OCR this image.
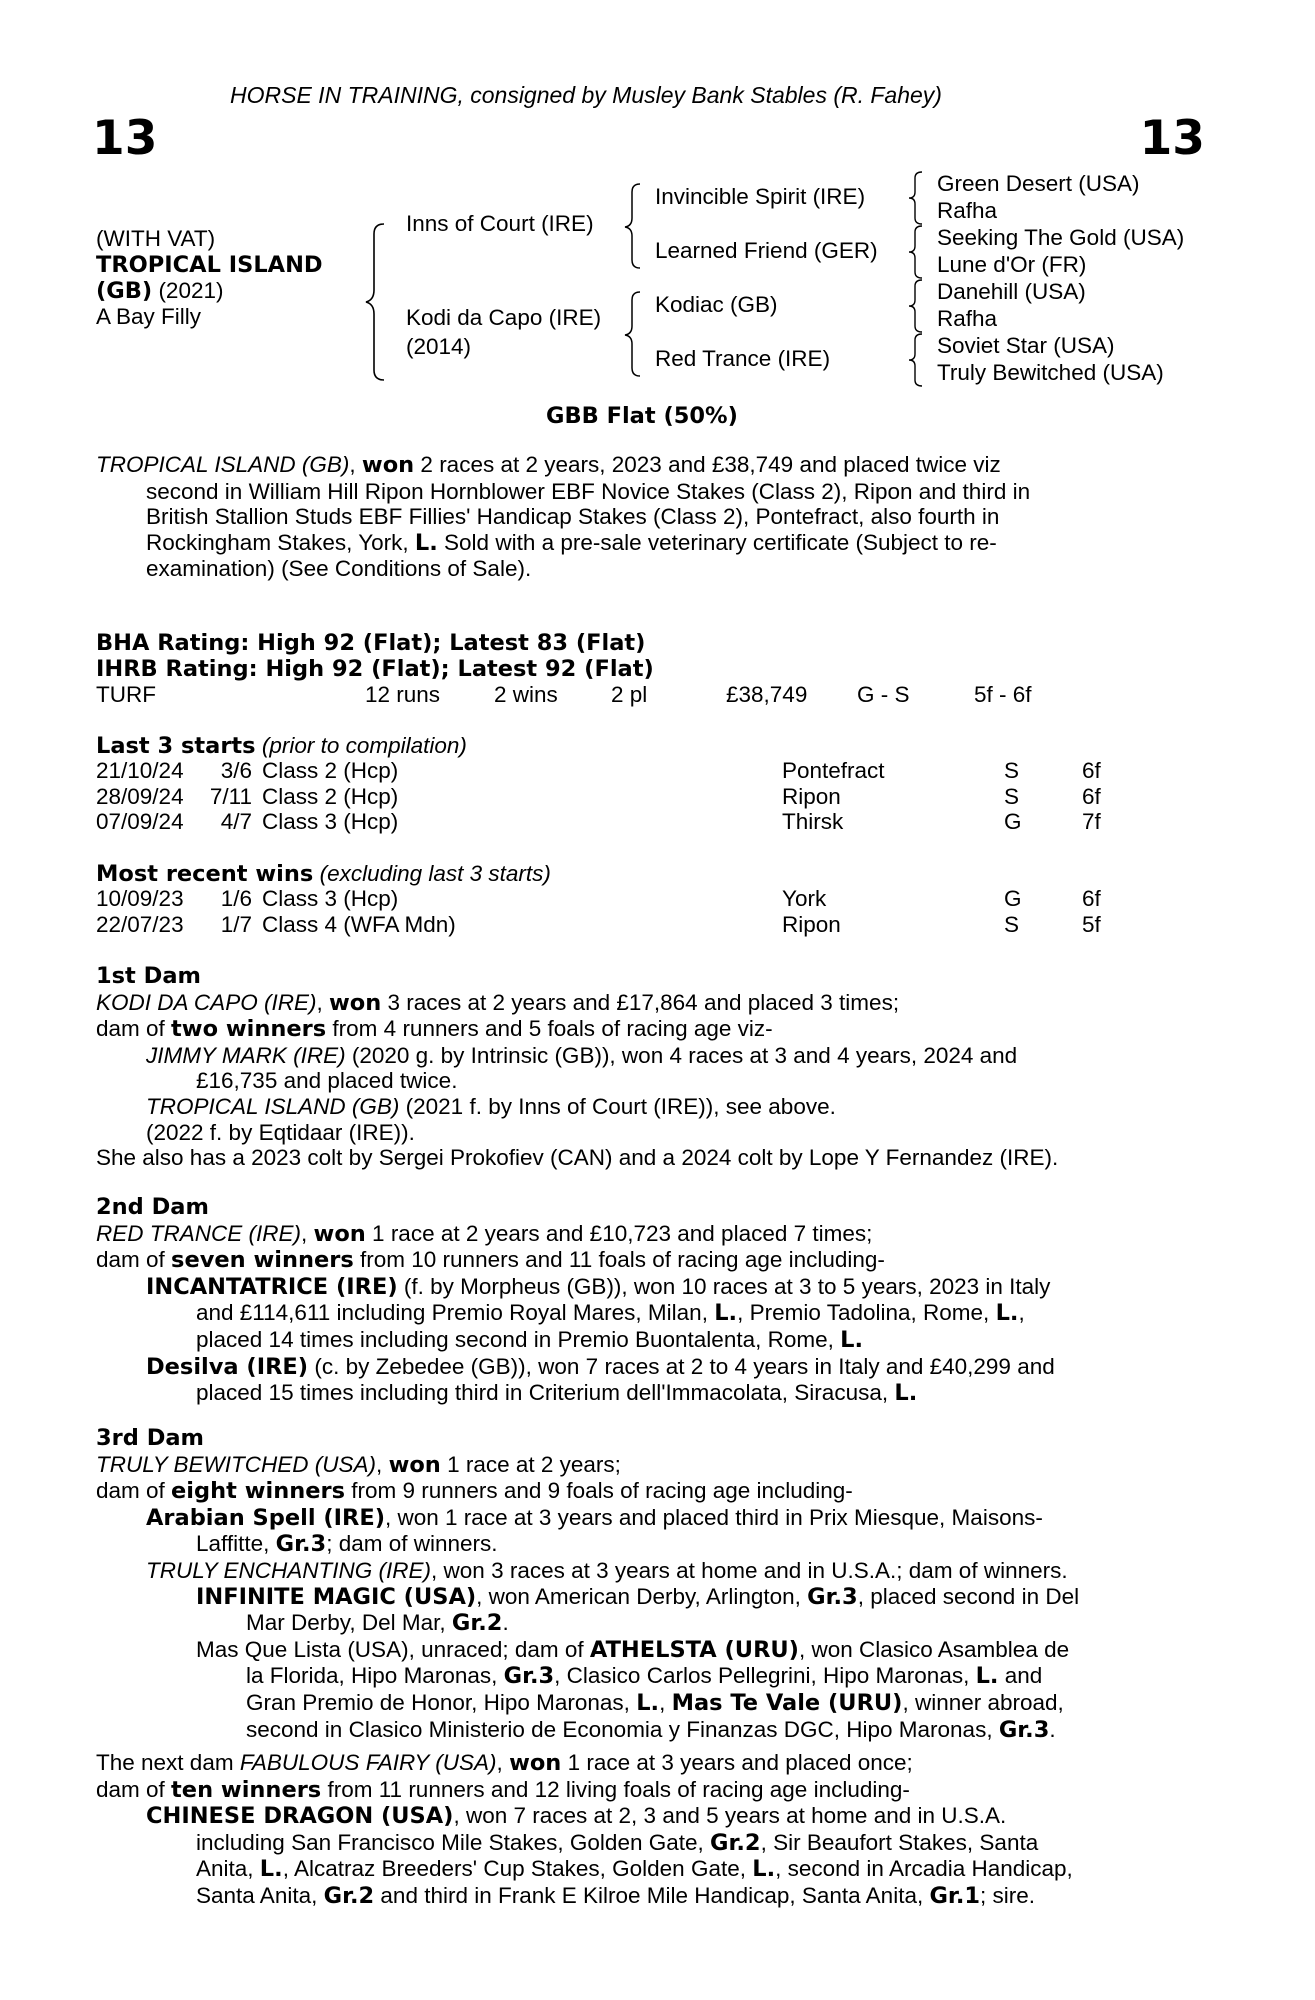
HORSE IN TRAINING, consigned by Musley Bank Stables (R. Fahey)
13	13
(WITH VAT)
TROPICAL ISLAND
(GB) (2021)
A Bay Filly
Inns of Court (IRE)
Kodi da Capo (IRE)
(2014)
Invincible Spirit (IRE)
Learned Friend (GER)
Kodiac (GB)
Red Trance (IRE)
Green Desert (USA)
Rafha
Seeking The Gold (USA)
Lune d'Or (FR)
Danehill (USA)
Rafha
Soviet Star (USA)
Truly Bewitched (USA)
GBB Flat (50%)
TROPICAL ISLAND (GB), won 2 races at 2 years, 2023 and £38,749 and placed twice viz
second in William Hill Ripon Hornblower EBF Novice Stakes (Class 2), Ripon and third in
British Stallion Studs EBF Fillies' Handicap Stakes (Class 2), Pontefract, also fourth in
Rockingham Stakes, York, L. Sold with a pre-sale veterinary certificate (Subject to re-
examination) (See Conditions of Sale).
BHA Rating: High 92 (Flat); Latest 83 (Flat)
IHRB Rating: High 92 (Flat); Latest 92 (Flat)
TURF	12 runs 2 wins 2 pl	£38,749 G - S	5f - 6f
Last 3 starts (prior to compilation)
21/10/24	3/6	Class 2 (Hcp)	Pontefract	S	6f
28/09/24	7/11	Class 2 (Hcp)	Ripon	S	6f
07/09/24	4/7	Class 3 (Hcp)	Thirsk	G	7f
Most recent wins (excluding last 3 starts)
10/09/23	1/6	Class 3 (Hcp)	York	G	6f
22/07/23	1/7	Class 4 (WFA Mdn)	Ripon	S	5f
1st Dam
KODI DA CAPO (IRE), won 3 races at 2 years and £17,864 and placed 3 times;
dam of two winners from 4 runners and 5 foals of racing age viz-
JIMMY MARK (IRE) (2020 g. by Intrinsic (GB)), won 4 races at 3 and 4 years, 2024 and
£16,735 and placed twice.
TROPICAL ISLAND (GB) (2021 f. by Inns of Court (IRE)), see above.
(2022 f. by Eqtidaar (IRE)).
She also has a 2023 colt by Sergei Prokofiev (CAN) and a 2024 colt by Lope Y Fernandez (IRE).
2nd Dam
RED TRANCE (IRE), won 1 race at 2 years and £10,723 and placed 7 times;
dam of seven winners from 10 runners and 11 foals of racing age including-
INCANTATRICE (IRE) (f. by Morpheus (GB)), won 10 races at 3 to 5 years, 2023 in Italy
and £114,611 including Premio Royal Mares, Milan, L., Premio Tadolina, Rome, L.,
placed 14 times including second in Premio Buontalenta, Rome, L.
Desilva (IRE) (c. by Zebedee (GB)), won 7 races at 2 to 4 years in Italy and £40,299 and
placed 15 times including third in Criterium dell'Immacolata, Siracusa, L.
3rd Dam
TRULY BEWITCHED (USA), won 1 race at 2 years;
dam of eight winners from 9 runners and 9 foals of racing age including-
Arabian Spell (IRE), won 1 race at 3 years and placed third in Prix Miesque, Maisons-
Laffitte, Gr.3; dam of winners.
TRULY ENCHANTING (IRE), won 3 races at 3 years at home and in U.S.A.; dam of winners.
INFINITE MAGIC (USA), won American Derby, Arlington, Gr.3, placed second in Del
Mar Derby, Del Mar, Gr.2.
Mas Que Lista (USA), unraced; dam of ATHELSTA (URU), won Clasico Asamblea de
la Florida, Hipo Maronas, Gr.3, Clasico Carlos Pellegrini, Hipo Maronas, L. and
Gran Premio de Honor, Hipo Maronas, L., Mas Te Vale (URU), winner abroad,
second in Clasico Ministerio de Economia y Finanzas DGC, Hipo Maronas, Gr.3.
The next dam FABULOUS FAIRY (USA), won 1 race at 3 years and placed once;
dam of ten winners from 11 runners and 12 living foals of racing age including-
CHINESE DRAGON (USA), won 7 races at 2, 3 and 5 years at home and in U.S.A.
including San Francisco Mile Stakes, Golden Gate, Gr.2, Sir Beaufort Stakes, Santa
Anita, L., Alcatraz Breeders' Cup Stakes, Golden Gate, L., second in Arcadia Handicap,
Santa Anita, Gr.2 and third in Frank E Kilroe Mile Handicap, Santa Anita, Gr.1; sire.
